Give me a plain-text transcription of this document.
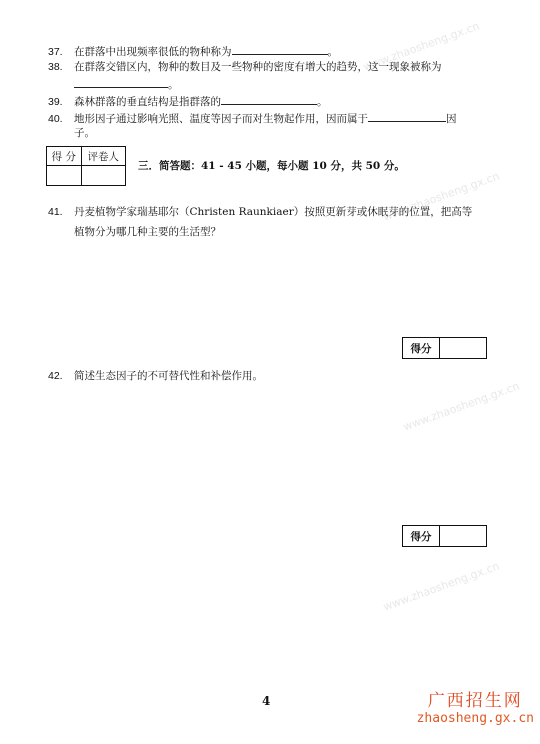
www.zhaosheng.gx.cn
www.zhaosheng.gx.cn
www.zhaosheng.gx.cn
www.zhaosheng.gx.cn
37. 在群落中出现频率很低的物种称为	。
38. 在群落交错区内，物种的数目及一些物种的密度有增大的趋势，这一现象被称为
。
39. 森林群落的垂直结构是指群落的	。
40. 地形因子通过影响光照、温度等因子而对生物起作用，因而属于	因
子。
得 分	评卷人

三．简答题：41 - 45 小题，每小题 10 分，共 50 分。
41. 丹麦植物学家瑞基耶尔（Christen Raunkiaer）按照更新芽或休眠芽的位置，把高等
植物分为哪几种主要的生活型？
得分
42. 简述生态因子的不可替代性和补偿作用。
得分
4	广西招生网
zhaosheng.gx.cn
